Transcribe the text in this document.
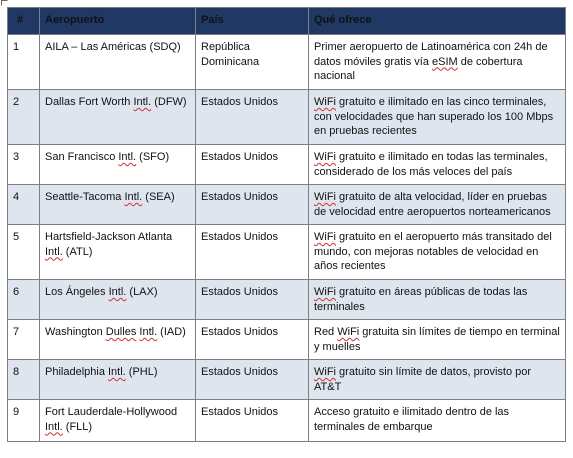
#	Aeropuerto	País	Qué ofrece
1	AILA – Las Américas (SDQ)	República Dominicana	Primer aeropuerto de Latinoamérica con 24h de datos móviles gratis vía eSIM de cobertura nacional
2	Dallas Fort Worth Intl. (DFW)	Estados Unidos	WiFi gratuito e ilimitado en las cinco terminales, con velocidades que han superado los 100 Mbps en pruebas recientes
3	San Francisco Intl. (SFO)	Estados Unidos	WiFi gratuito e ilimitado en todas las terminales, considerado de los más veloces del país
4	Seattle-Tacoma Intl. (SEA)	Estados Unidos	WiFi gratuito de alta velocidad, líder en pruebas de velocidad entre aeropuertos norteamericanos
5	Hartsfield-Jackson Atlanta Intl. (ATL)	Estados Unidos	WiFi gratuito en el aeropuerto más transitado del mundo, con mejoras notables de velocidad en años recientes
6	Los Ángeles Intl. (LAX)	Estados Unidos	WiFi gratuito en áreas públicas de todas las terminales
7	Washington Dulles Intl. (IAD)	Estados Unidos	Red WiFi gratuita sin límites de tiempo en terminal y muelles
8	Philadelphia Intl. (PHL)	Estados Unidos	WiFi gratuito sin límite de datos, provisto por AT&T
9	Fort Lauderdale-Hollywood Intl. (FLL)	Estados Unidos	Acceso gratuito e ilimitado dentro de las terminales de embarque
